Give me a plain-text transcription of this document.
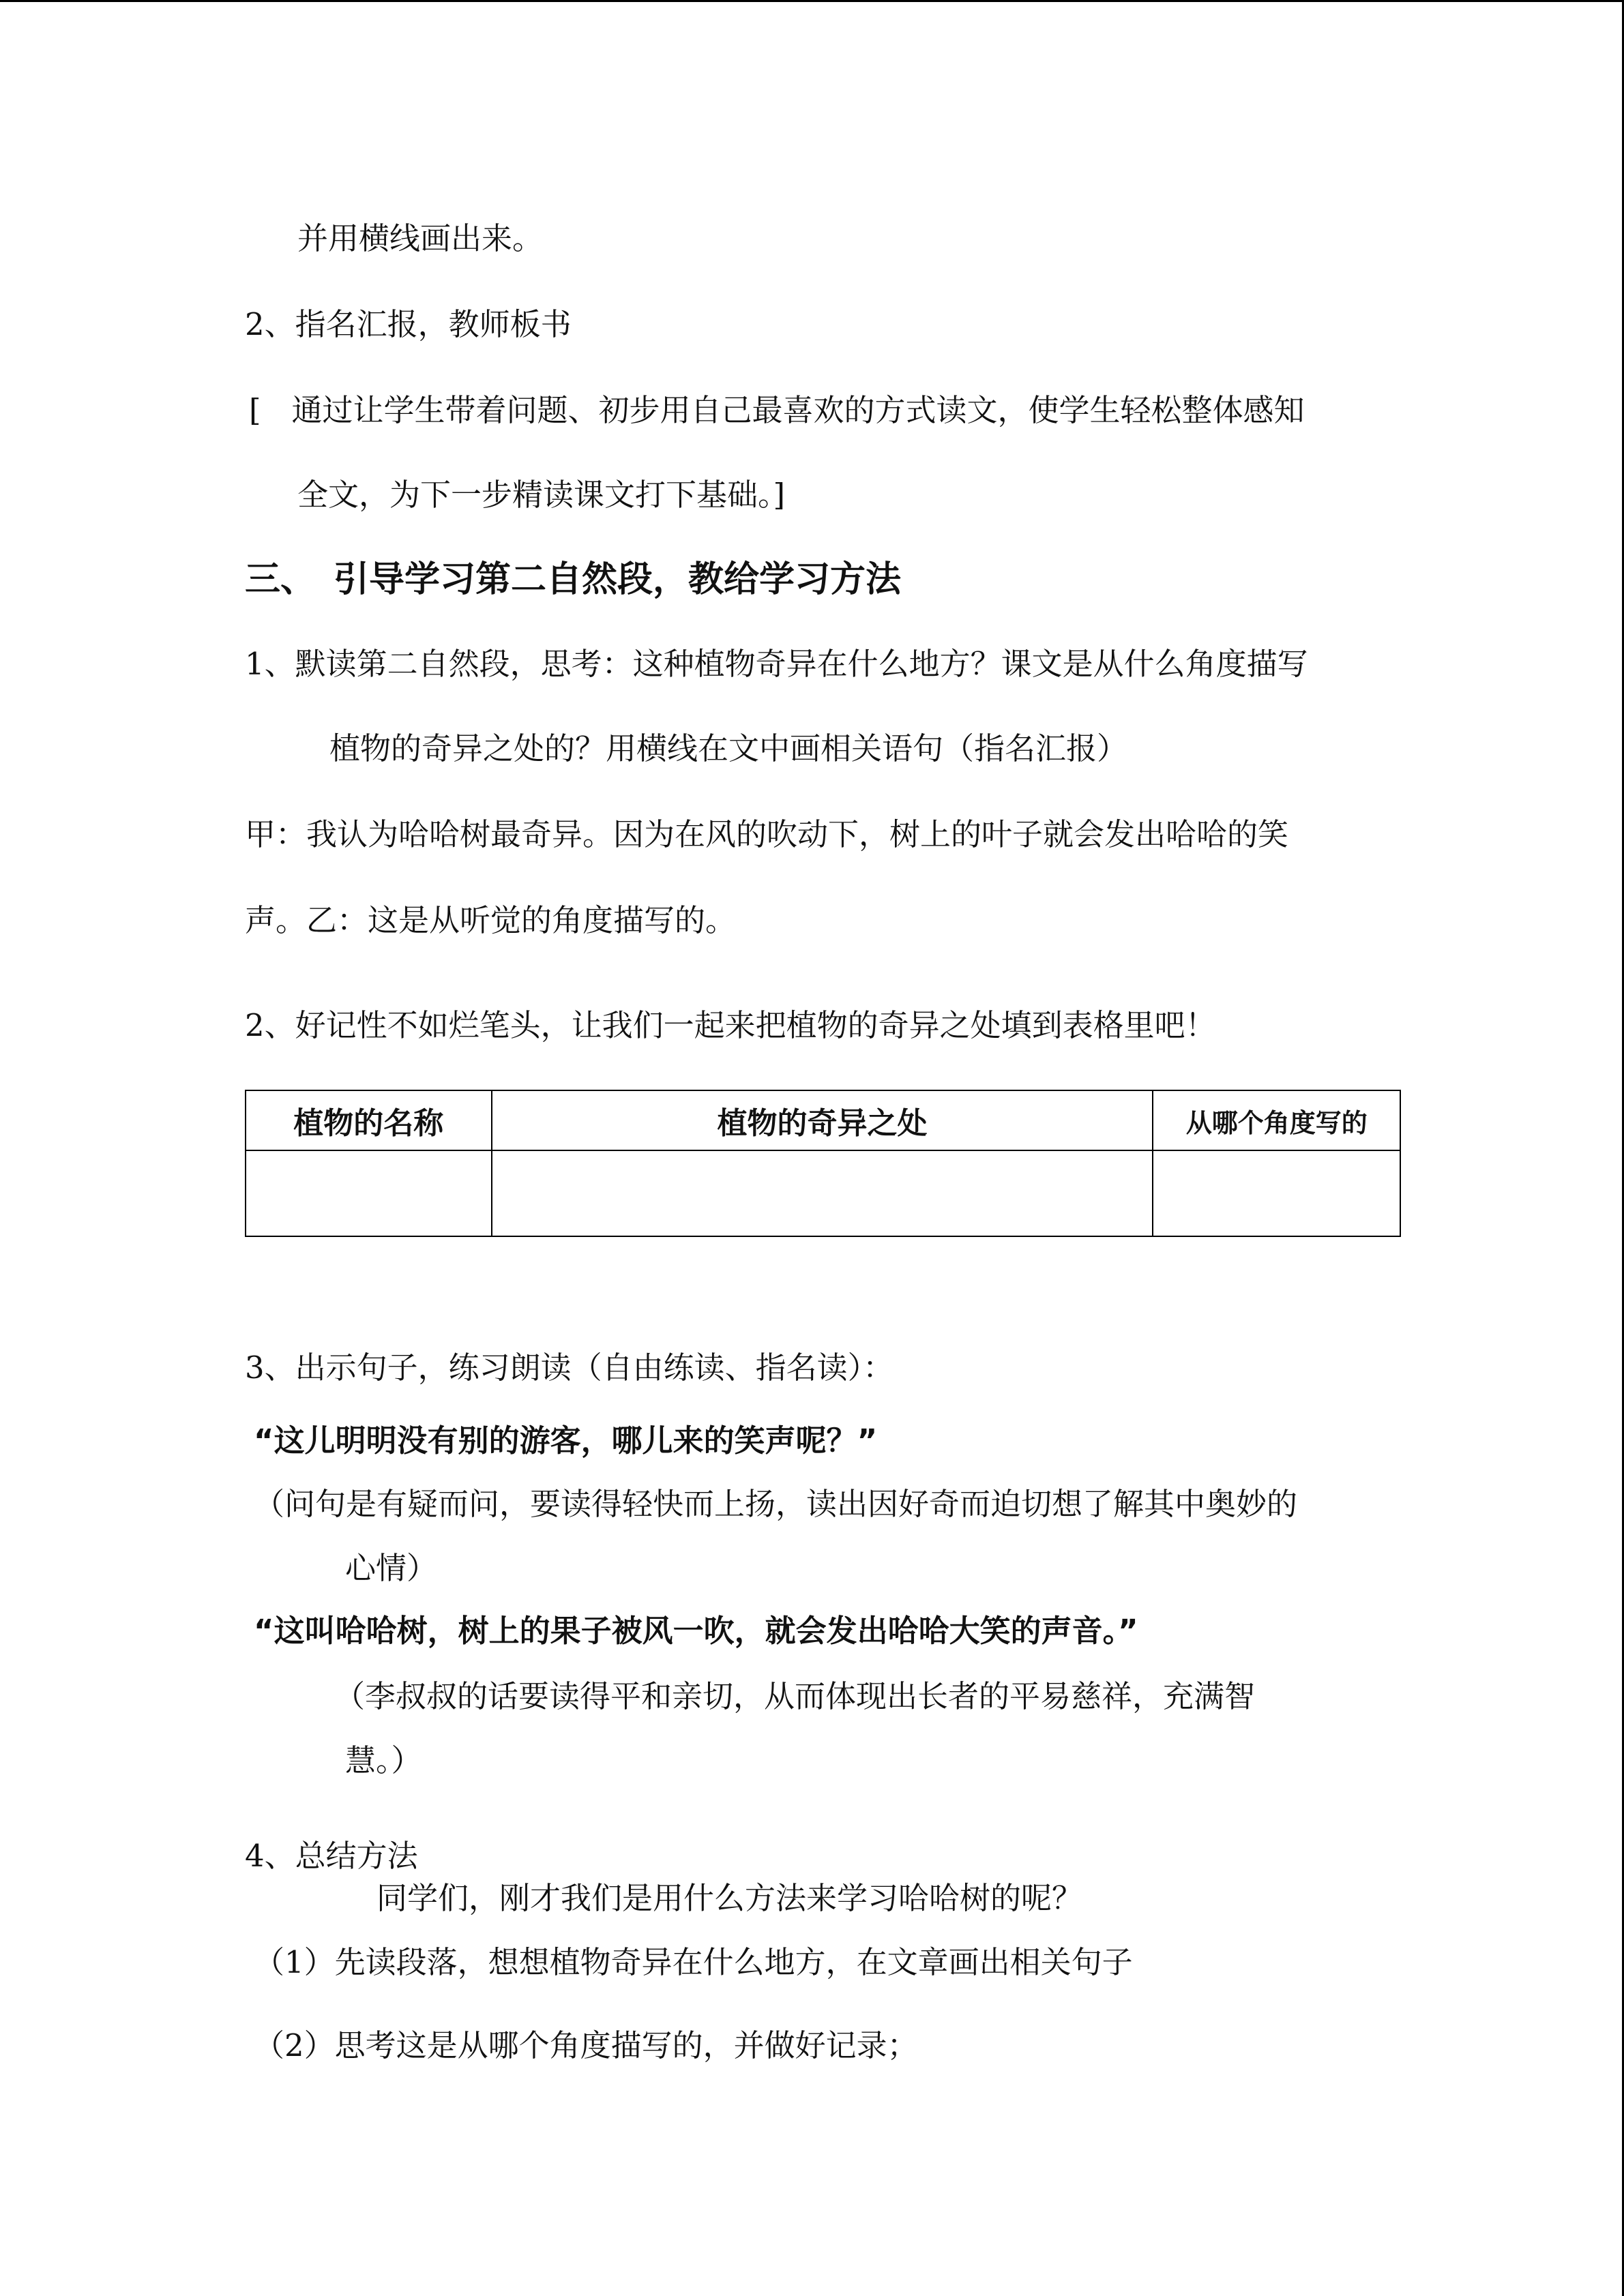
并用横线画出来。
2、指名汇报，教师板书
[　通过让学生带着问题、初步用自己最喜欢的方式读文，使学生轻松整体感知
全文，为下一步精读课文打下基础。]
三、　引导学习第二自然段，教给学习方法
1、默读第二自然段，思考：这种植物奇异在什么地方？课文是从什么角度描写
植物的奇异之处的？用横线在文中画相关语句（指名汇报）
甲：我认为哈哈树最奇异。因为在风的吹动下，树上的叶子就会发出哈哈的笑
声。乙：这是从听觉的角度描写的。
2、好记性不如烂笔头，让我们一起来把植物的奇异之处填到表格里吧！
植物的名称	植物的奇异之处	从哪个角度写的

3、出示句子，练习朗读（自由练读、指名读）：
“这儿明明没有别的游客，哪儿来的笑声呢？”
（问句是有疑而问，要读得轻快而上扬，读出因好奇而迫切想了解其中奥妙的
心情）
“这叫哈哈树，树上的果子被风一吹，就会发出哈哈大笑的声音。”
（李叔叔的话要读得平和亲切，从而体现出长者的平易慈祥，充满智
慧。）
4、总结方法
同学们，刚才我们是用什么方法来学习哈哈树的呢？
（1）先读段落，想想植物奇异在什么地方，在文章画出相关句子
（2）思考这是从哪个角度描写的，并做好记录；
